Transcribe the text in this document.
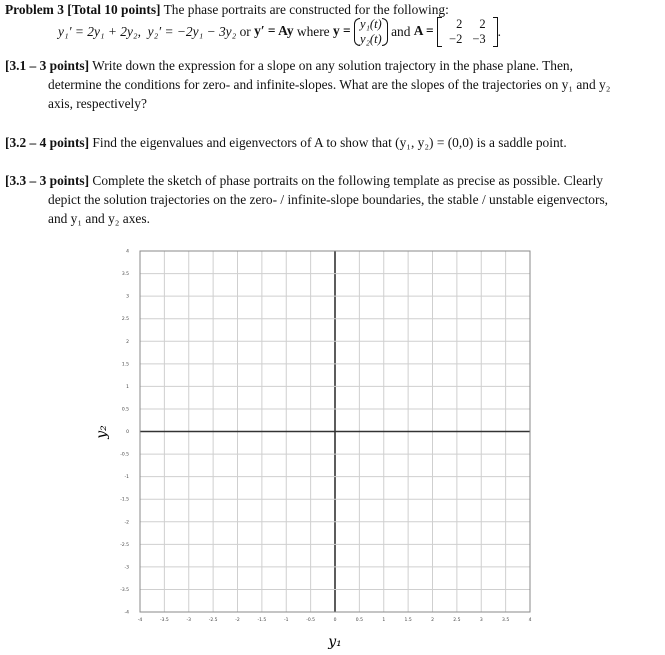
Problem 3 [Total 10 points] The phase portraits are constructed for the following:
y₁′ = 2y₁ + 2y₂, y₂′ = −2y₁ − 3y₂ or y′ = Ay where y = y₁(t)
y₂(t) and A = 2	2
−2	−3 .
[3.1 – 3 points] Write down the expression for a slope on any solution trajectory in the phase plane. Then,
determine the conditions for zero- and infinite-slopes. What are the slopes of the trajectories on y₁ and y₂
axis, respectively?
[3.2 – 4 points] Find the eigenvalues and eigenvectors of A to show that (y₁, y₂) = (0,0) is a saddle point.
[3.3 – 3 points] Complete the sketch of phase portraits on the following template as precise as possible. Clearly
depict the solution trajectories on the zero- / infinite-slope boundaries, the stable / unstable eigenvectors,
and y₁ and y₂ axes.
-4	-3.5	-3	-2.5	-2	-1.5	-1	-0.5	0	0.5	1	1.5	2	2.5	3	3.5	4
4
3.5
3
2.5
2
1.5
1
0.5
0
-0.5
-1
-1.5
-2
-2.5
-3
-3.5
-4
y₁
y₂
